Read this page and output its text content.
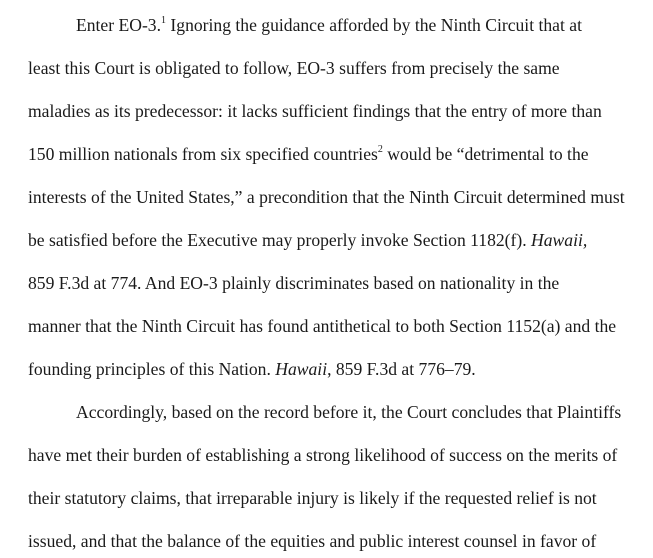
Enter EO-3.$^1$ Ignoring the guidance afforded by the Ninth Circuit that at
least this Court is obligated to follow, EO-3 suffers from precisely the same
maladies as its predecessor: it lacks sufficient findings that the entry of more than
150 million nationals from six specified countries$^2$ would be “detrimental to the
interests of the United States,” a precondition that the Ninth Circuit determined must
be satisfied before the Executive may properly invoke Section 1182(f). Hawaii,
859 F.3d at 774. And EO-3 plainly discriminates based on nationality in the
manner that the Ninth Circuit has found antithetical to both Section 1152(a) and the
founding principles of this Nation. Hawaii, 859 F.3d at 776–79.
Accordingly, based on the record before it, the Court concludes that Plaintiffs
have met their burden of establishing a strong likelihood of success on the merits of
their statutory claims, that irreparable injury is likely if the requested relief is not
issued, and that the balance of the equities and public interest counsel in favor of
